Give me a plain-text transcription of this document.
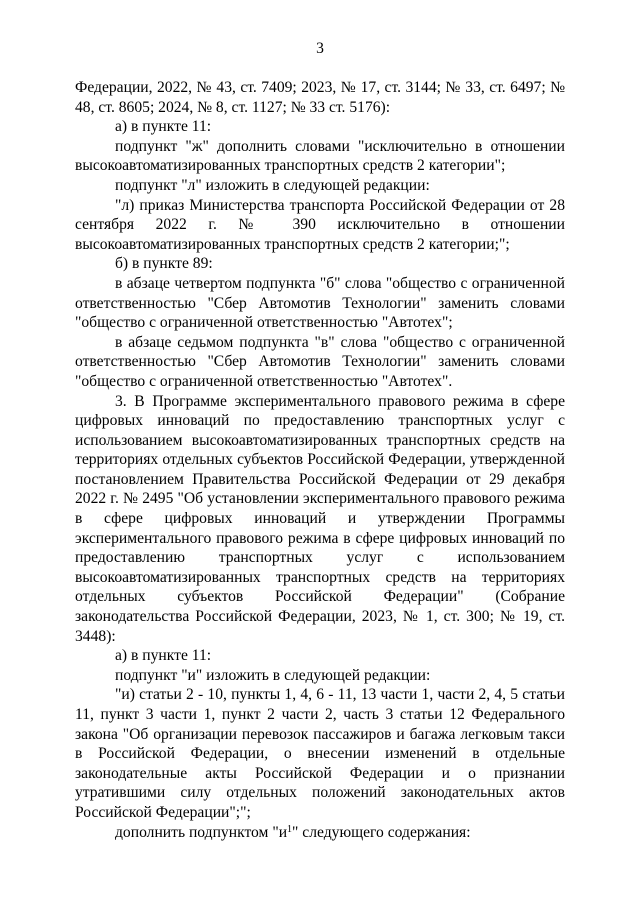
3

Федерации, 2022, № 43, ст. 7409; 2023, № 17, ст. 3144; № 33, ст. 6497; № 48, ст. 8605; 2024, № 8, ст. 1127; № 33 ст. 5176):

а) в пункте 11:

подпункт "ж" дополнить словами "исключительно в отношении высокоавтоматизированных транспортных средств 2 категории";

подпункт "л" изложить в следующей редакции:

"л) приказ Министерства транспорта Российской Федерации от 28 сентября 2022 г. № 390 исключительно в отношении высокоавтоматизированных транспортных средств 2 категории;";

б) в пункте 89:

в абзаце четвертом подпункта "б" слова "общество с ограниченной ответственностью "Сбер Автомотив Технологии" заменить словами "общество с ограниченной ответственностью "Автотех";

в абзаце седьмом подпункта "в" слова "общество с ограниченной ответственностью "Сбер Автомотив Технологии" заменить словами "общество с ограниченной ответственностью "Автотех".

3. В Программе экспериментального правового режима в сфере цифровых инноваций по предоставлению транспортных услуг с использованием высокоавтоматизированных транспортных средств на территориях отдельных субъектов Российской Федерации, утвержденной постановлением Правительства Российской Федерации от 29 декабря 2022 г. № 2495 "Об установлении экспериментального правового режима в сфере цифровых инноваций и утверждении Программы экспериментального правового режима в сфере цифровых инноваций по предоставлению транспортных услуг с использованием высокоавтоматизированных транспортных средств на территориях отдельных субъектов Российской Федерации" (Собрание законодательства Российской Федерации, 2023, № 1, ст. 300; № 19, ст. 3448):

а) в пункте 11:

подпункт "и" изложить в следующей редакции:

"и) статьи 2 - 10, пункты 1, 4, 6 - 11, 13 части 1, части 2, 4, 5 статьи 11, пункт 3 части 1, пункт 2 части 2, часть 3 статьи 12 Федерального закона "Об организации перевозок пассажиров и багажа легковым такси в Российской Федерации, о внесении изменений в отдельные законодательные акты Российской Федерации и о признании утратившими силу отдельных положений законодательных актов Российской Федерации";";

дополнить подпунктом "$и^1$" следующего содержания:
